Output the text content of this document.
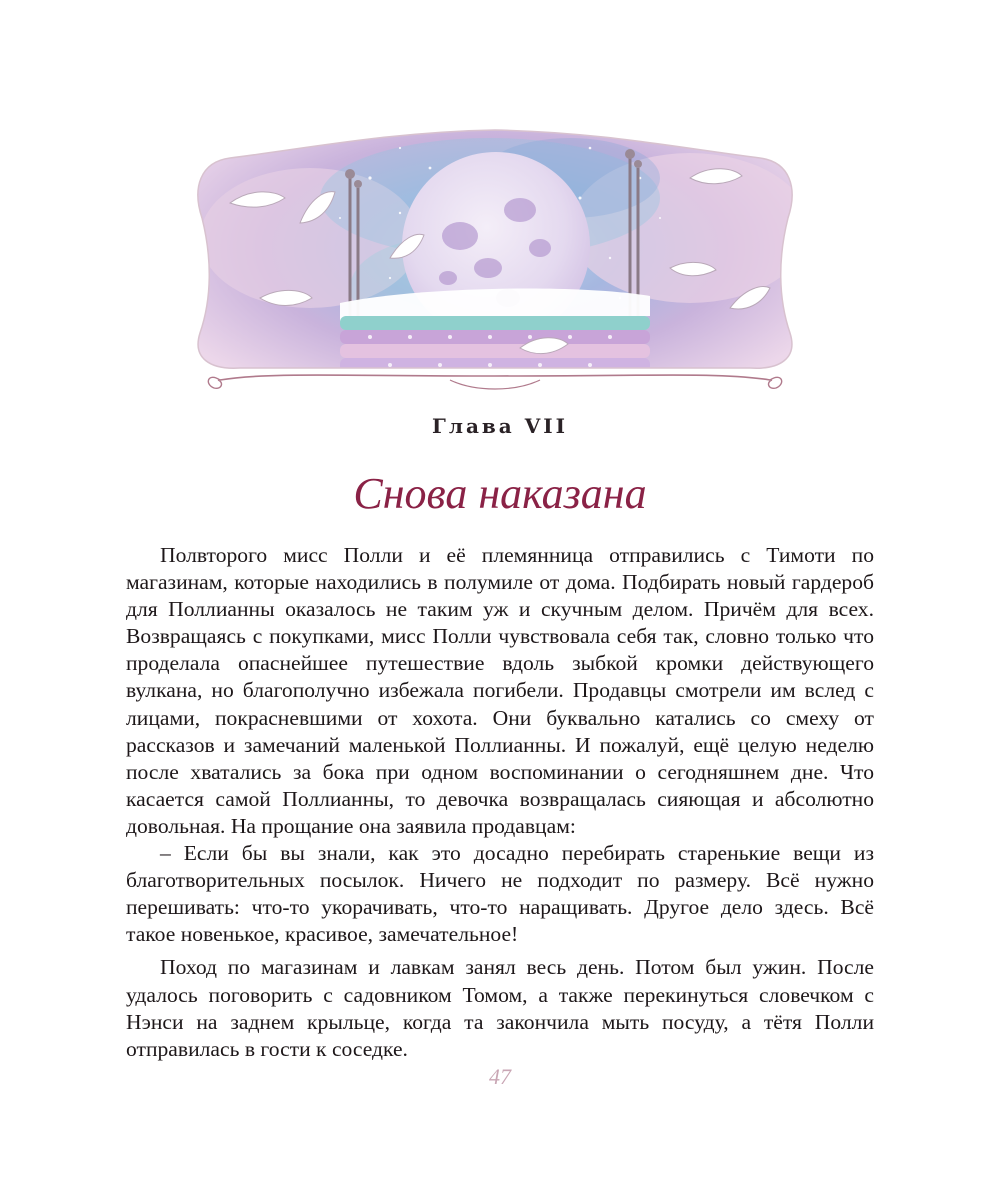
Глава VII
Снова наказана

Полвторого мисс Полли и её племянница отправились с Тимоти по магазинам, которые находились в полумиле от дома. Подбирать новый гардероб для Поллианны оказалось не таким уж и скучным делом. Причём для всех. Возвращаясь с покупками, мисс Полли чувствовала себя так, словно только что проделала опаснейшее путешествие вдоль зыбкой кромки действующего вулкана, но благополучно избежала погибели. Продавцы смотрели им вслед с лицами, покрасневшими от хохота. Они буквально катались со смеху от рассказов и замечаний маленькой Поллианны. И пожалуй, ещё целую неделю после хватались за бока при одном воспоминании о сегодняшнем дне. Что касается самой Поллианны, то девочка возвращалась сияющая и абсолютно довольная. На прощание она заявила продавцам:

– Если бы вы знали, как это досадно перебирать старенькие вещи из благотворительных посылок. Ничего не подходит по размеру. Всё нужно перешивать: что-то укорачивать, что-то наращивать. Другое дело здесь. Всё такое новенькое, красивое, замечательное!

Поход по магазинам и лавкам занял весь день. Потом был ужин. После удалось поговорить с садовником Томом, а также перекинуться словечком с Нэнси на заднем крыльце, когда та закончила мыть посуду, а тётя Полли отправилась в гости к соседке.

47
